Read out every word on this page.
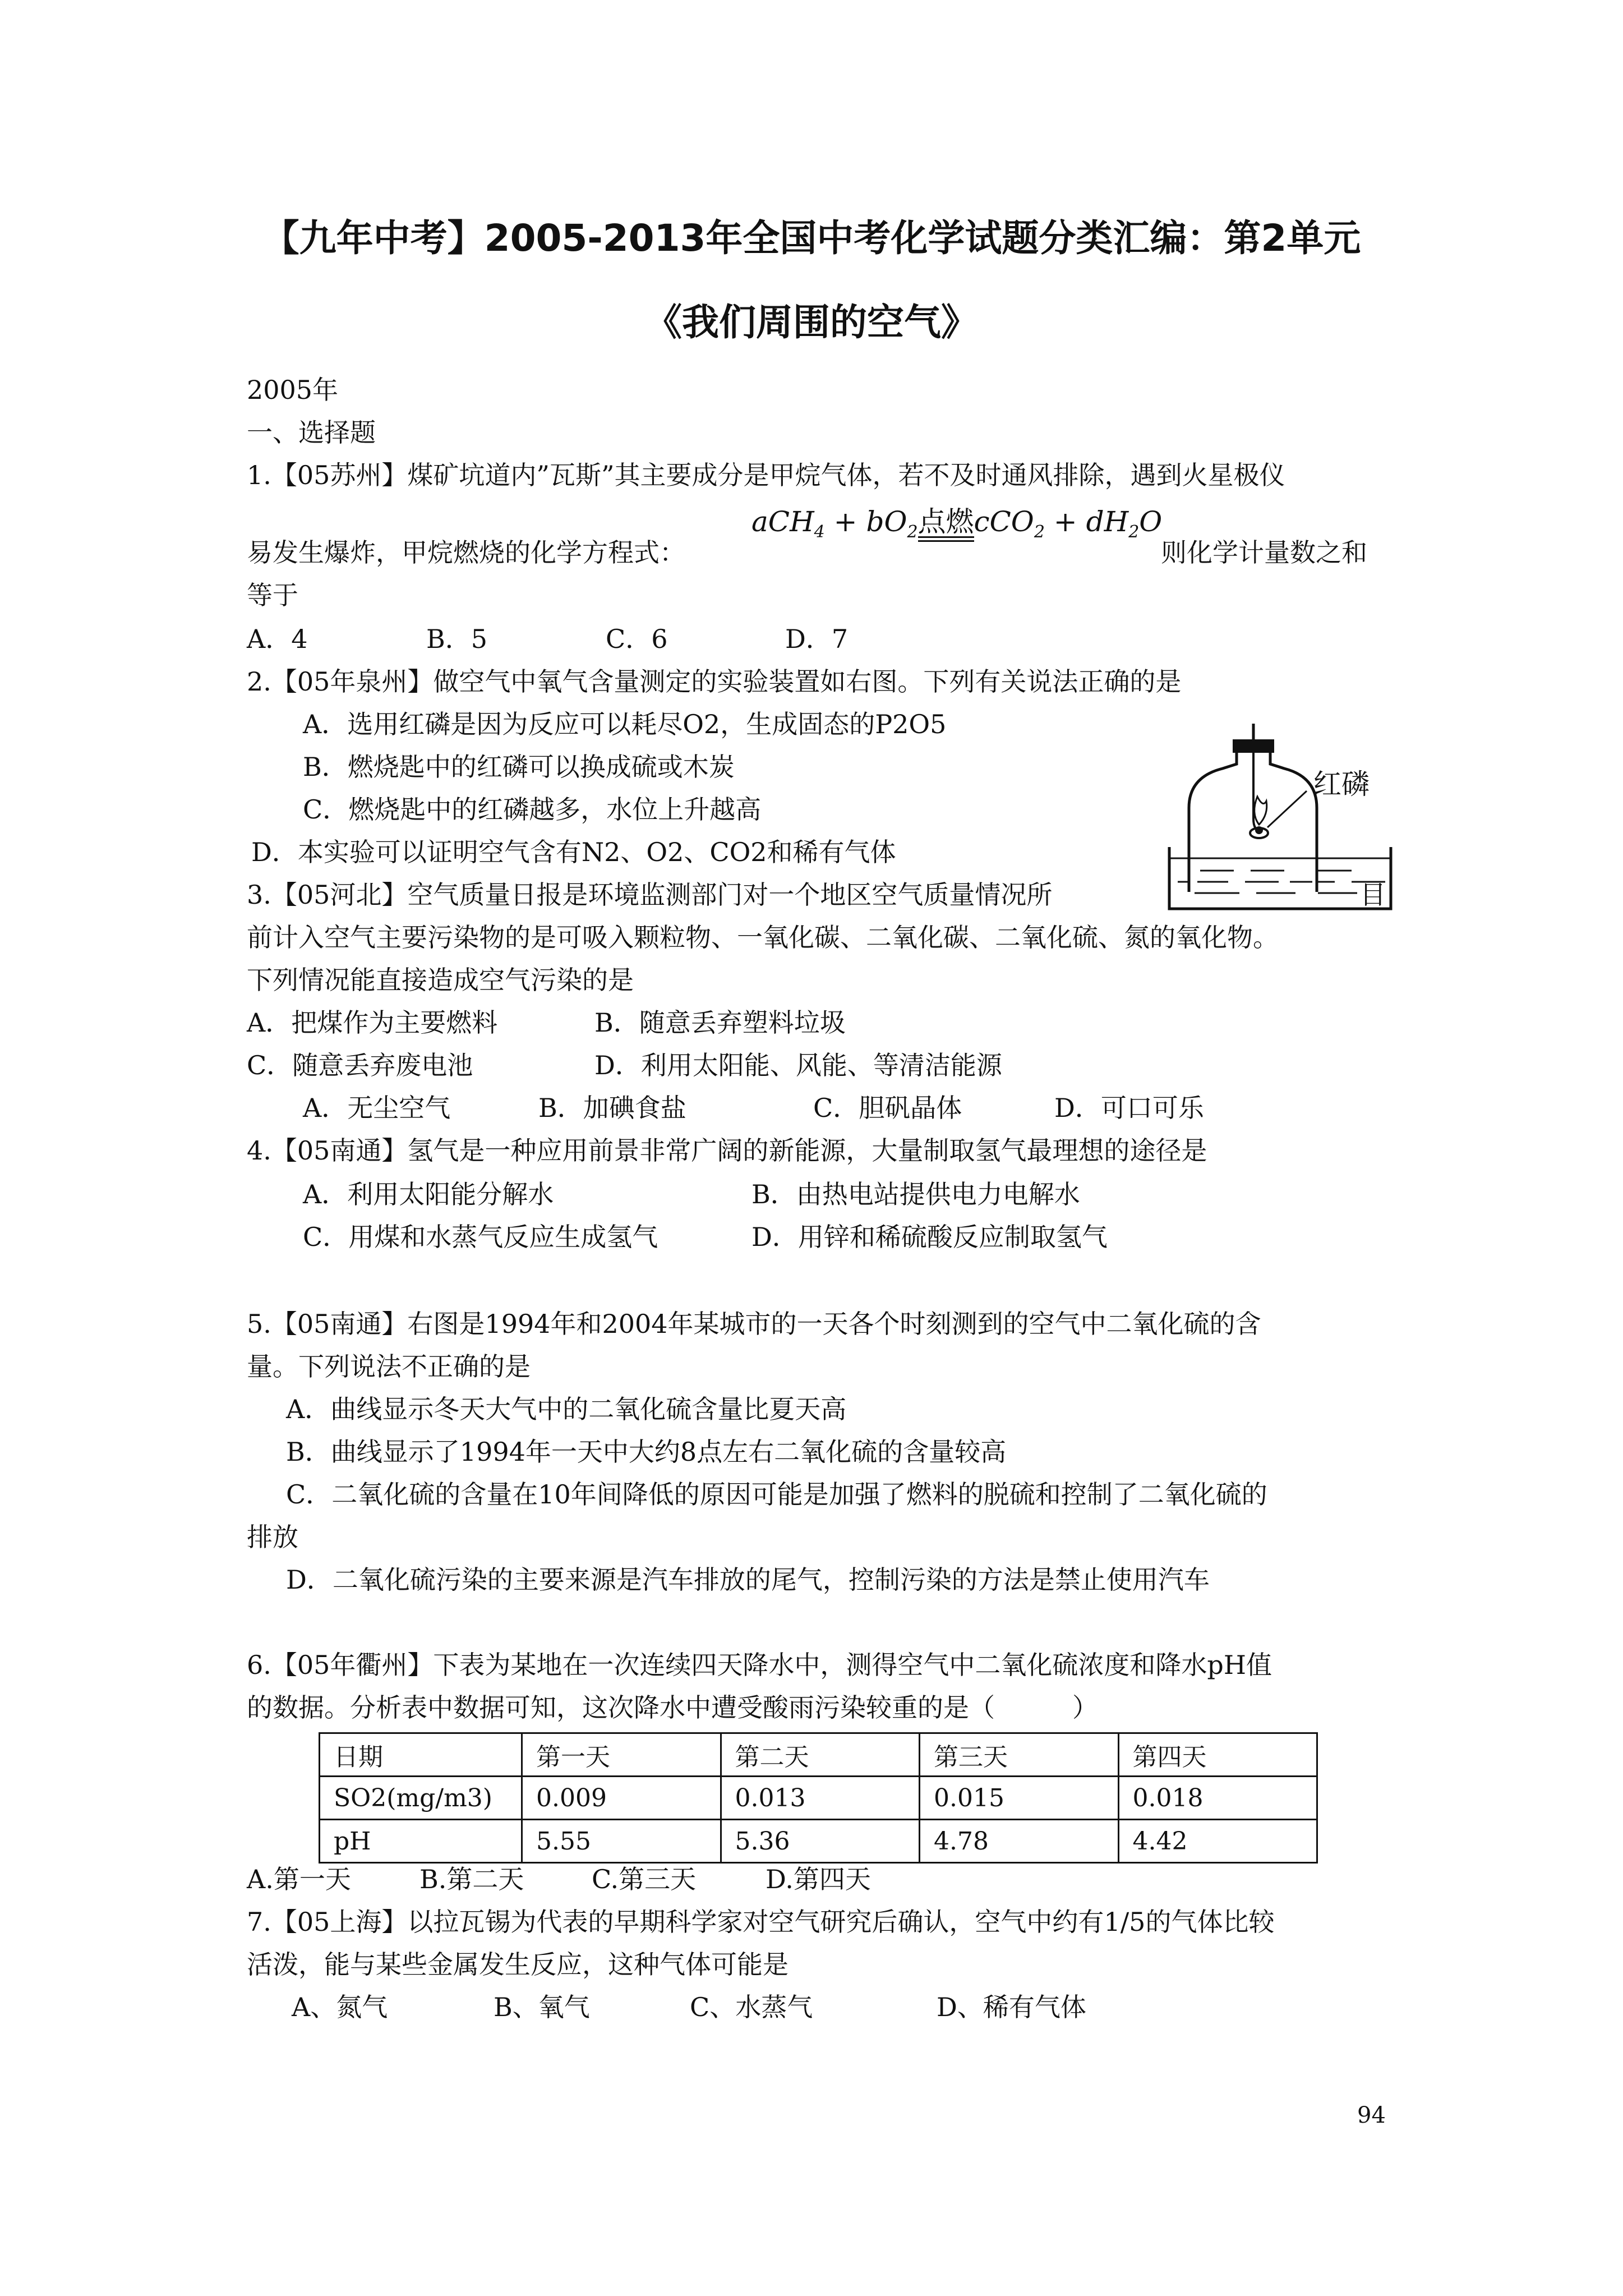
【九年中考】2005-2013年全国中考化学试题分类汇编：第2单元
《我们周围的空气》
2005年
一、选择题
1.【05苏州】煤矿坑道内”瓦斯”其主要成分是甲烷气体，若不及时通风排除，遇到火星极仪
易发生爆炸，甲烷燃烧的化学方程式：
$aCH_4 + bO_2$点燃$cCO_2 + dH_2O$
则化学计量数之和
等于
A．4	B．5	C．6	D．7
2.【05年泉州】做空气中氧气含量测定的实验装置如右图。下列有关说法正确的是
A．选用红磷是因为反应可以耗尽O2，生成固态的P2O5
B．燃烧匙中的红磷可以换成硫或木炭
C．燃烧匙中的红磷越多，水位上升越高
D．本实验可以证明空气含有N2、O2、CO2和稀有气体
红磷
3.【05河北】空气质量日报是环境监测部门对一个地区空气质量情况所	目
前计入空气主要污染物的是可吸入颗粒物、一氧化碳、二氧化碳、二氧化硫、氮的氧化物。
下列情况能直接造成空气污染的是
A．把煤作为主要燃料	B．随意丢弃塑料垃圾
C．随意丢弃废电池	D．利用太阳能、风能、等清洁能源
A．无尘空气	B．加碘食盐	C．胆矾晶体	D．可口可乐
4.【05南通】氢气是一种应用前景非常广阔的新能源，大量制取氢气最理想的途径是
A．利用太阳能分解水	B．由热电站提供电力电解水
C．用煤和水蒸气反应生成氢气	D．用锌和稀硫酸反应制取氢气
5.【05南通】右图是1994年和2004年某城市的一天各个时刻测到的空气中二氧化硫的含
量。下列说法不正确的是
A．曲线显示冬天大气中的二氧化硫含量比夏天高
B．曲线显示了1994年一天中大约8点左右二氧化硫的含量较高
C．二氧化硫的含量在10年间降低的原因可能是加强了燃料的脱硫和控制了二氧化硫的
排放
D．二氧化硫污染的主要来源是汽车排放的尾气，控制污染的方法是禁止使用汽车
6.【05年衢州】下表为某地在一次连续四天降水中，测得空气中二氧化硫浓度和降水pH值
的数据。分析表中数据可知，这次降水中遭受酸雨污染较重的是（　　　）
日期	第一天	第二天	第三天	第四天
SO2(mg/m3)	0.009	0.013	0.015	0.018
pH	5.55	5.36	4.78	4.42
A.第一天	B.第二天	C.第三天	D.第四天
7.【05上海】以拉瓦锡为代表的早期科学家对空气研究后确认，空气中约有1/5的气体比较
活泼，能与某些金属发生反应，这种气体可能是
A、氮气	B、氧气	C、水蒸气	D、稀有气体
94
